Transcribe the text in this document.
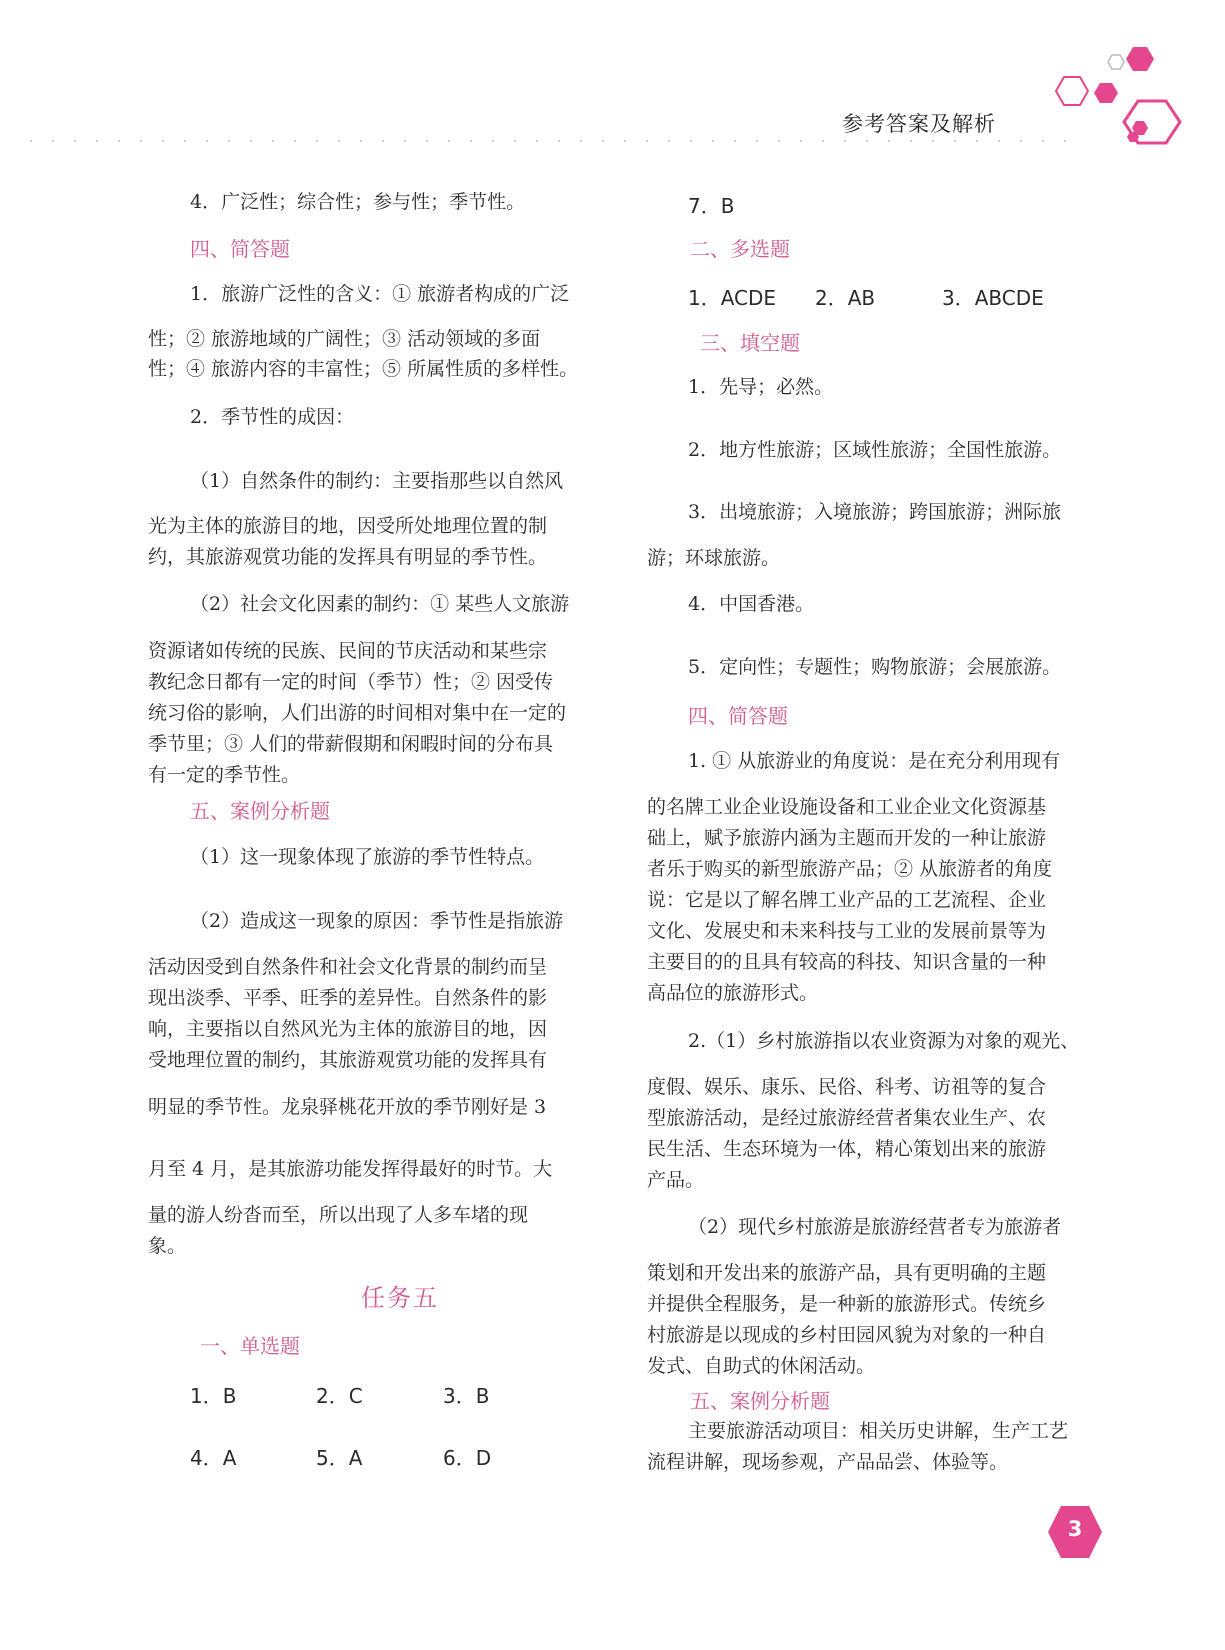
参考答案及解析
4．广泛性；综合性；参与性；季节性。
四、简答题
1．旅游广泛性的含义：① 旅游者构成的广泛
性；② 旅游地域的广阔性；③ 活动领域的多面
性；④ 旅游内容的丰富性；⑤ 所属性质的多样性。
2．季节性的成因：
（1）自然条件的制约：主要指那些以自然风
光为主体的旅游目的地，因受所处地理位置的制
约，其旅游观赏功能的发挥具有明显的季节性。
（2）社会文化因素的制约：① 某些人文旅游
资源诸如传统的民族、民间的节庆活动和某些宗
教纪念日都有一定的时间（季节）性；② 因受传
统习俗的影响，人们出游的时间相对集中在一定的
季节里；③ 人们的带薪假期和闲暇时间的分布具
有一定的季节性。
五、案例分析题
（1）这一现象体现了旅游的季节性特点。
（2）造成这一现象的原因：季节性是指旅游
活动因受到自然条件和社会文化背景的制约而呈
现出淡季、平季、旺季的差异性。自然条件的影
响，主要指以自然风光为主体的旅游目的地，因
受地理位置的制约，其旅游观赏功能的发挥具有
明显的季节性。龙泉驿桃花开放的季节刚好是 3
月至 4 月，是其旅游功能发挥得最好的时节。大
量的游人纷沓而至，所以出现了人多车堵的现
象。
任务五
一、单选题
1．B	2．C	3．B
4．A	5．A	6．D
7．B
二、多选题
1．ACDE 2．AB	3．ABCDE
三、填空题
1．先导；必然。
2．地方性旅游；区域性旅游；全国性旅游。
3．出境旅游；入境旅游；跨国旅游；洲际旅
游；环球旅游。
4．中国香港。
5．定向性；专题性；购物旅游；会展旅游。
四、简答题
1. ① 从旅游业的角度说：是在充分利用现有
的名牌工业企业设施设备和工业企业文化资源基
础上，赋予旅游内涵为主题而开发的一种让旅游
者乐于购买的新型旅游产品；② 从旅游者的角度
说：它是以了解名牌工业产品的工艺流程、企业
文化、发展史和未来科技与工业的发展前景等为
主要目的的且具有较高的科技、知识含量的一种
高品位的旅游形式。
2.（1）乡村旅游指以农业资源为对象的观光、
度假、娱乐、康乐、民俗、科考、访祖等的复合
型旅游活动，是经过旅游经营者集农业生产、农
民生活、生态环境为一体，精心策划出来的旅游
产品。
（2）现代乡村旅游是旅游经营者专为旅游者
策划和开发出来的旅游产品，具有更明确的主题
并提供全程服务，是一种新的旅游形式。传统乡
村旅游是以现成的乡村田园风貌为对象的一种自
发式、自助式的休闲活动。
五、案例分析题
主要旅游活动项目：相关历史讲解，生产工艺
流程讲解，现场参观，产品品尝、体验等。
3
